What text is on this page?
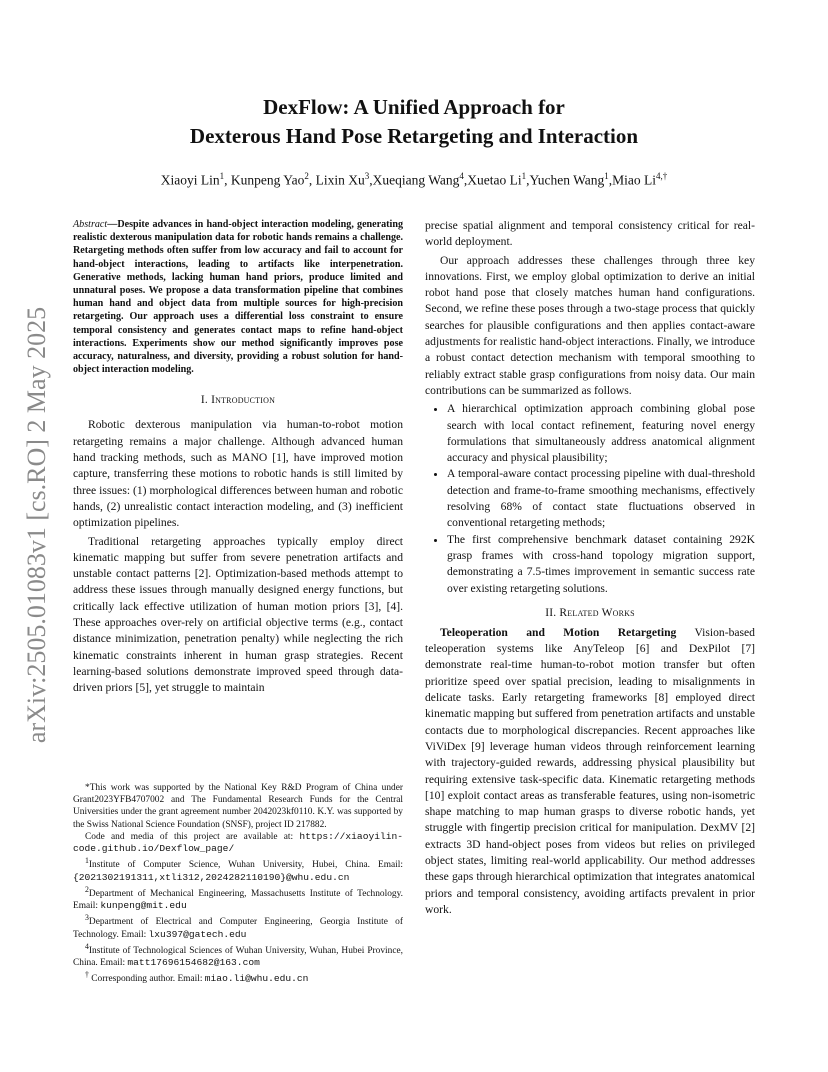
arXiv:2505.01083v1 [cs.RO] 2 May 2025
DexFlow: A Unified Approach for
Dexterous Hand Pose Retargeting and Interaction
Xiaoyi Lin$^1$, Kunpeng Yao$^2$, Lixin Xu$^3$,Xueqiang Wang$^4$,Xuetao Li$^1$,Yuchen Wang$^1$,Miao $Li^{4,\dagger}$

Abstract—Despite advances in hand-object interaction modeling, generating realistic dexterous manipulation data for robotic hands remains a challenge. Retargeting methods often suffer from low accuracy and fail to account for hand-object interactions, leading to artifacts like interpenetration. Generative methods, lacking human hand priors, produce limited and unnatural poses. We propose a data transformation pipeline that combines human hand and object data from multiple sources for high-precision retargeting. Our approach uses a differential loss constraint to ensure temporal consistency and generates contact maps to refine hand-object interactions. Experiments show our method significantly improves pose accuracy, naturalness, and diversity, providing a robust solution for hand-object interaction modeling.

I. Introduction

Robotic dexterous manipulation via human-to-robot motion retargeting remains a major challenge. Although advanced human hand tracking methods, such as MANO [1], have improved motion capture, transferring these motions to robotic hands is still limited by three issues: (1) morphological differences between human and robotic hands, (2) unrealistic contact interaction modeling, and (3) inefficient optimization pipelines.

Traditional retargeting approaches typically employ direct kinematic mapping but suffer from severe penetration artifacts and unstable contact patterns [2]. Optimization-based methods attempt to address these issues through manually designed energy functions, but critically lack effective utilization of human motion priors [3], [4]. These approaches over-rely on artificial objective terms (e.g., contact distance minimization, penetration penalty) while neglecting the rich kinematic constraints inherent in human grasp strategies. Recent learning-based solutions demonstrate improved speed through data-driven priors [5], yet struggle to maintain

*This work was supported by the National Key R&D Program of China under Grant2023YFB4707002 and The Fundamental Research Funds for the Central Universities under the grant agreement number 2042023kf0110. K.Y. was supported by the Swiss National Science Foundation (SNSF), project ID 217882.

Code and media of this project are available at: https://xiaoyilin-code.github.io/Dexflow_page/

$^1$Institute of Computer Science, Wuhan University, Hubei, China. Email:{2021302191311,xtli312,2024282110190}@whu.edu.cn

$^2$Department of Mechanical Engineering, Massachusetts Institute of Technology. Email: kunpeng@mit.edu

$^3$Department of Electrical and Computer Engineering, Georgia Institute of Technology. Email: lxu397@gatech.edu

$^4$Institute of Technological Sciences of Wuhan University, Wuhan, Hubei Province, China. Email: matt17696154682@163.com

† Corresponding author. Email: miao.li@whu.edu.cn

precise spatial alignment and temporal consistency critical for real-world deployment.

Our approach addresses these challenges through three key innovations. First, we employ global optimization to derive an initial robot hand pose that closely matches human hand configurations. Second, we refine these poses through a two-stage process that quickly searches for plausible configurations and then applies contact-aware adjustments for realistic hand-object interactions. Finally, we introduce a robust contact detection mechanism with temporal smoothing to reliably extract stable grasp configurations from noisy data. Our main contributions can be summarized as follows.

• A hierarchical optimization approach combining global pose search with local contact refinement, featuring novel energy formulations that simultaneously address anatomical alignment accuracy and physical plausibility;
• A temporal-aware contact processing pipeline with dual-threshold detection and frame-to-frame smoothing mechanisms, effectively resolving 68% of contact state fluctuations observed in conventional retargeting methods;
• The first comprehensive benchmark dataset containing 292K grasp frames with cross-hand topology migration support, demonstrating a 7.5-times improvement in semantic success rate over existing retargeting solutions.
II. Related Works

Teleoperation and Motion Retargeting Vision-based teleoperation systems like AnyTeleop [6] and DexPilot [7] demonstrate real-time human-to-robot motion transfer but often prioritize speed over spatial precision, leading to misalignments in delicate tasks. Early retargeting frameworks [8] employed direct kinematic mapping but suffered from penetration artifacts and unstable contacts due to morphological discrepancies. Recent approaches like ViViDex [9] leverage human videos through reinforcement learning with trajectory-guided rewards, addressing physical plausibility but requiring extensive task-specific data. Kinematic retargeting methods [10] exploit contact areas as transferable features, using non-isometric shape matching to map human grasps to diverse robotic hands, yet struggle with fingertip precision critical for manipulation. DexMV [2] extracts 3D hand-object poses from videos but relies on privileged object states, limiting real-world applicability. Our method addresses these gaps through hierarchical optimization that integrates anatomical priors and temporal consistency, avoiding artifacts prevalent in prior work.
